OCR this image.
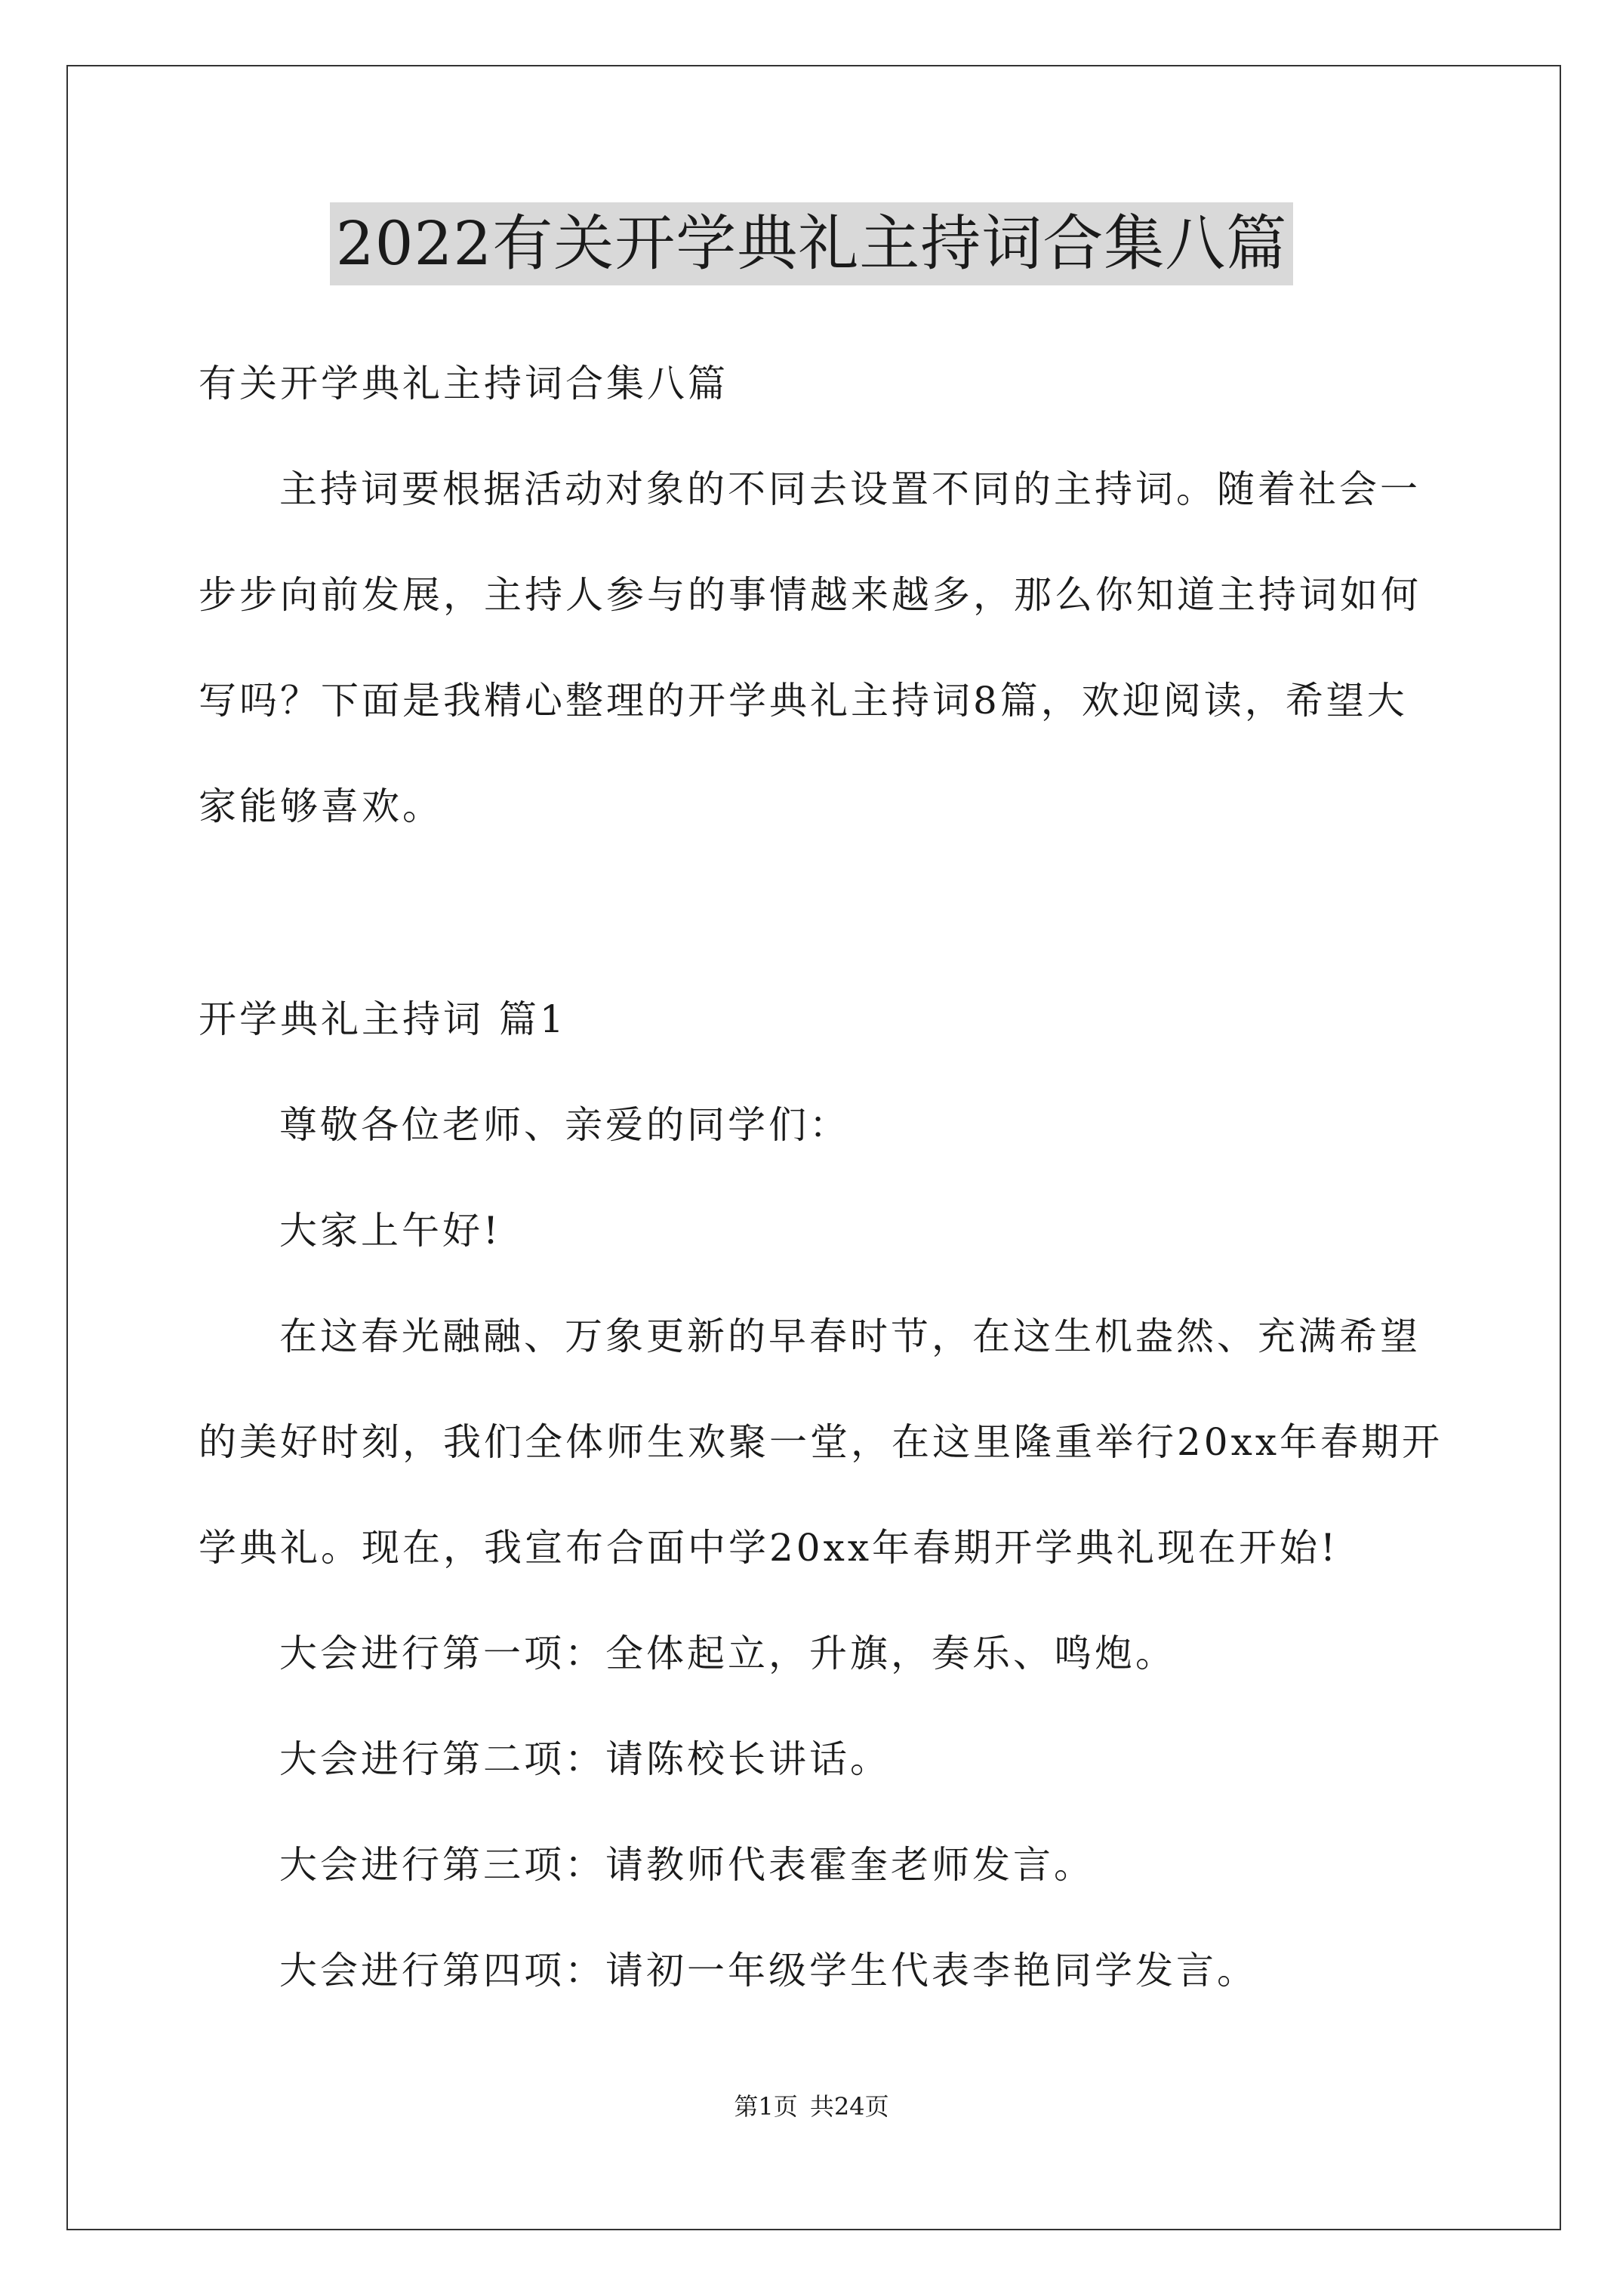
2022有关开学典礼主持词合集八篇
有关开学典礼主持词合集八篇
主持词要根据活动对象的不同去设置不同的主持词。随着社会一
步步向前发展，主持人参与的事情越来越多，那么你知道主持词如何
写吗？下面是我精心整理的开学典礼主持词8篇，欢迎阅读，希望大
家能够喜欢。
开学典礼主持词 篇1
尊敬各位老师、亲爱的同学们：
大家上午好!
在这春光融融、万象更新的早春时节，在这生机盎然、充满希望
的美好时刻，我们全体师生欢聚一堂，在这里隆重举行20xx年春期开
学典礼。现在，我宣布合面中学20xx年春期开学典礼现在开始!
大会进行第一项：全体起立，升旗，奏乐、鸣炮。
大会进行第二项：请陈校长讲话。
大会进行第三项：请教师代表霍奎老师发言。
大会进行第四项：请初一年级学生代表李艳同学发言。
第1页 共24页
